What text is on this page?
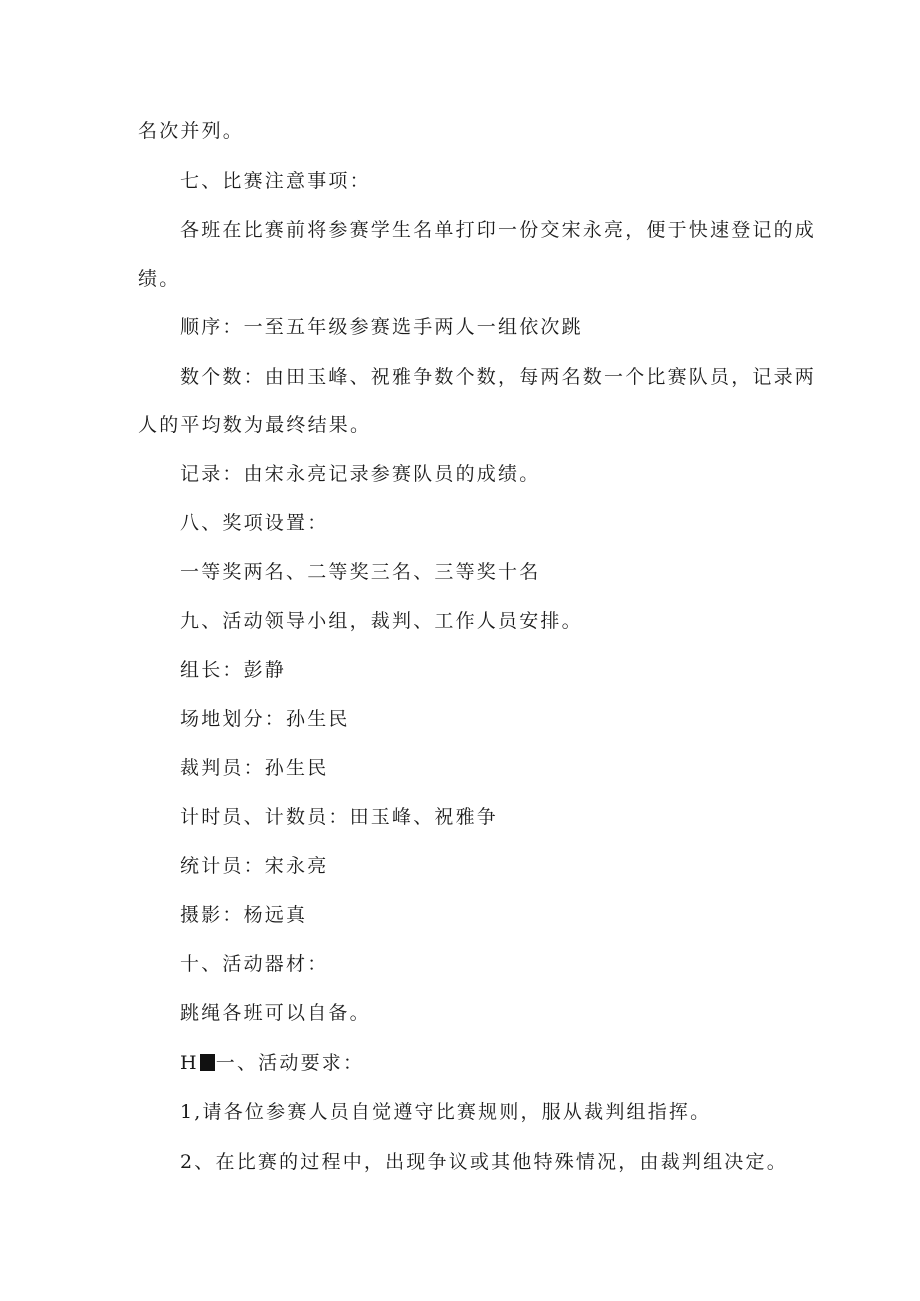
名次并列。
七、比赛注意事项：
各班在比赛前将参赛学生名单打印一份交宋永亮，便于快速登记的成
绩。
顺序：一至五年级参赛选手两人一组依次跳
数个数：由田玉峰、祝雅争数个数，每两名数一个比赛队员，记录两
人的平均数为最终结果。
记录：由宋永亮记录参赛队员的成绩。
八、奖项设置：
一等奖两名、二等奖三名、三等奖十名
九、活动领导小组，裁判、工作人员安排。
组长：彭静
场地划分：孙生民
裁判员：孙生民
计时员、计数员：田玉峰、祝雅争
统计员：宋永亮
摄影：杨远真
十、活动器材：
跳绳各班可以自备。
H 一、活动要求：
1,请各位参赛人员自觉遵守比赛规则，服从裁判组指挥。
2、在比赛的过程中，出现争议或其他特殊情况，由裁判组决定。
